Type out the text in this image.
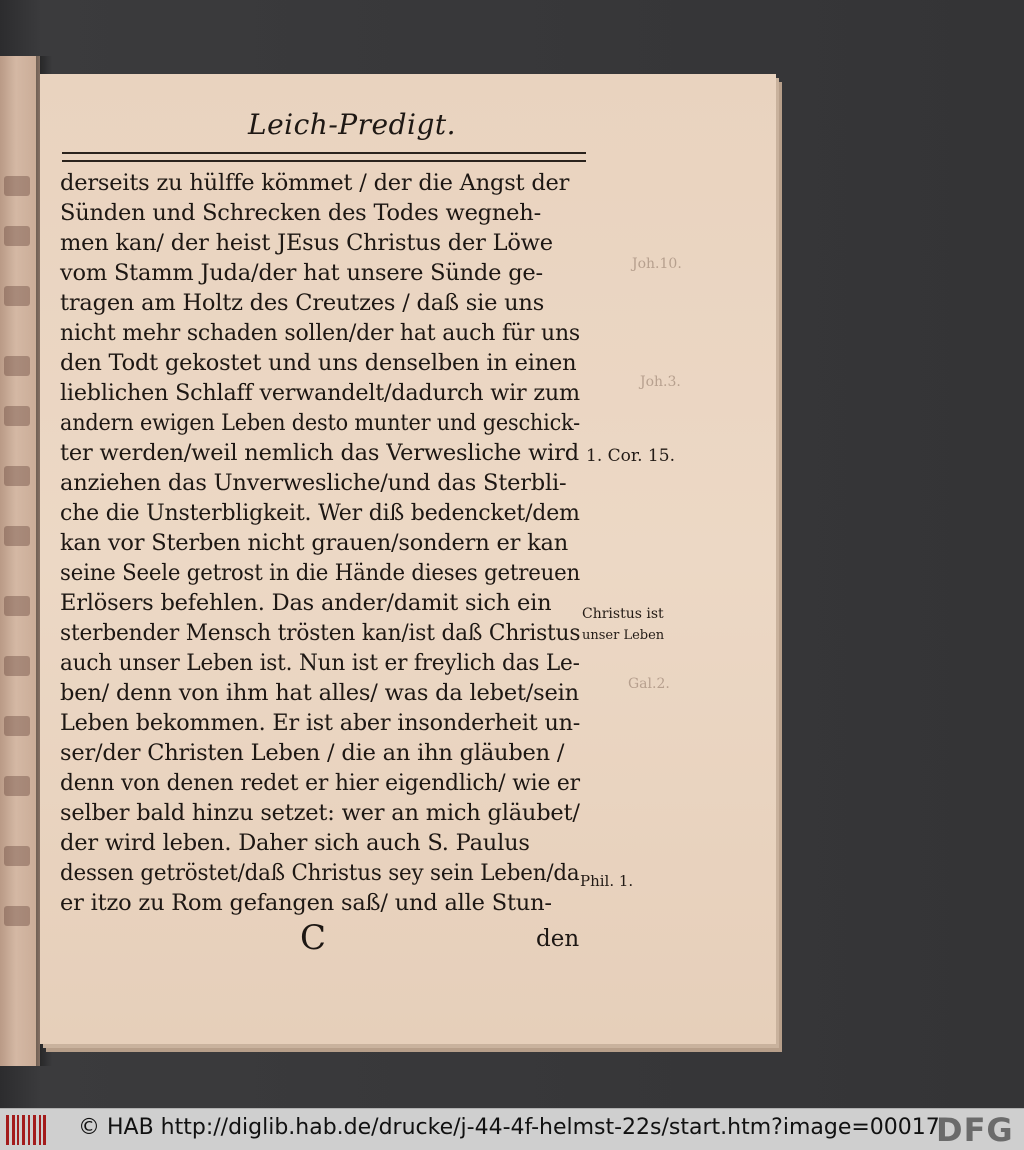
Leich-Predigt.
derseits zu hülffe kömmet / der die Angst der
Sünden und Schrecken des Todes wegneh-
men kan/ der heist JEsus Christus der Löwe
vom Stamm Juda/der hat unsere Sünde ge-
tragen am Holtz des Creutzes / daß sie uns
nicht mehr schaden sollen/der hat auch für uns
den Todt gekostet und uns denselben in einen
lieblichen Schlaff verwandelt/dadurch wir zum
andern ewigen Leben desto munter und geschick-
ter werden/weil nemlich das Verwesliche wird
anziehen das Unverwesliche/und das Sterbli-
che die Unsterbligkeit. Wer diß bedencket/dem
kan vor Sterben nicht grauen/sondern er kan
seine Seele getrost in die Hände dieses getreuen
Erlösers befehlen. Das ander/damit sich ein
sterbender Mensch trösten kan/ist daß Christus
auch unser Leben ist. Nun ist er freylich das Le-
ben/ denn von ihm hat alles/ was da lebet/sein
Leben bekommen. Er ist aber insonderheit un-
ser/der Christen Leben / die an ihn gläuben /
denn von denen redet er hier eigendlich/ wie er
selber bald hinzu setzet: wer an mich gläubet/
der wird leben. Daher sich auch S. Paulus
dessen getröstet/daß Christus sey sein Leben/da
er itzo zu Rom gefangen saß/ und alle Stun-
Joh.10.
Joh.3.
Gal.2.
1. Cor. 15.
Christus ist
unser Leben
Phil. 1.
C	den
© HAB http://diglib.hab.de/drucke/j-44-4f-helmst-22s/start.htm?image=00017
DFG
